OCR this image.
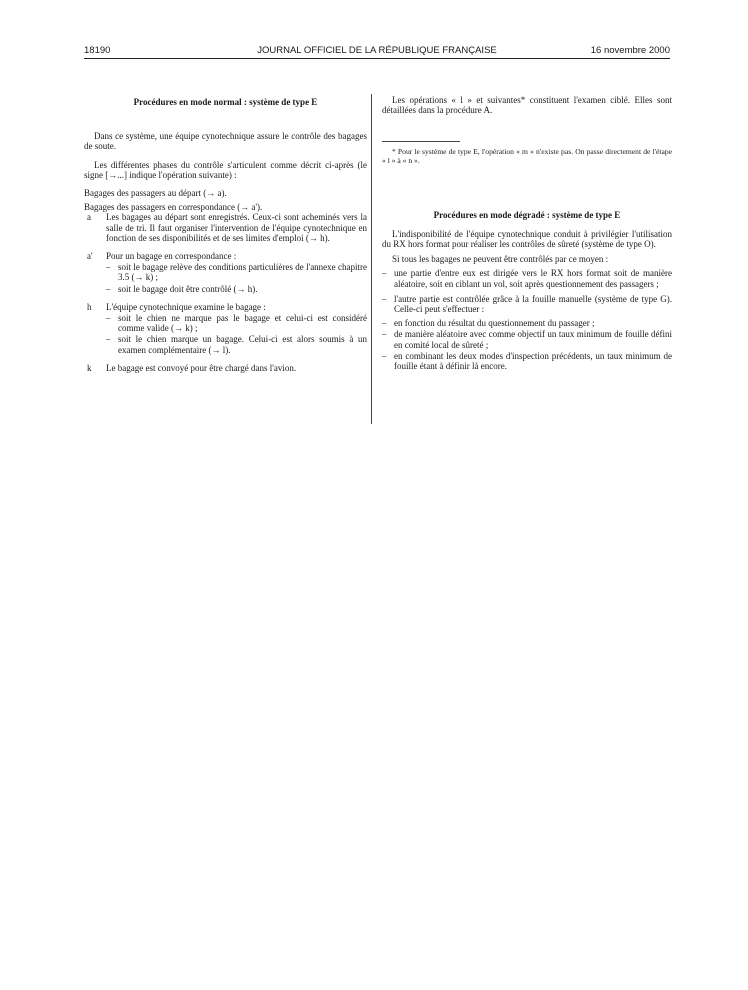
18190	JOURNAL OFFICIEL DE LA RÉPUBLIQUE FRANÇAISE	16 novembre 2000

Procédures en mode normal : système de type E

Dans ce système, une équipe cynotechnique assure le contrôle des bagages de soute.

Les différentes phases du contrôle s'articulent comme décrit ci-après (le signe [→...] indique l'opération suivante) :

Bagages des passagers au départ (→ a).

Bagages des passagers en correspondance (→ a').

a Les bagages au départ sont enregistrés. Ceux-ci sont acheminés vers la salle de tri. Il faut organiser l'intervention de l'équipe cynotechnique en fonction de ses disponibilités et de ses limites d'emploi (→ h).

a' Pour un bagage en correspondance :

– soit le bagage relève des conditions particulières de l'annexe chapitre 3.5 (→ k) ;

– soit le bagage doit être contrôlé (→ h).

h L'équipe cynotechnique examine le bagage :

– soit le chien ne marque pas le bagage et celui-ci est considéré comme valide (→ k) ;

– soit le chien marque un bagage. Celui-ci est alors soumis à un examen complémentaire (→ l).

k Le bagage est convoyé pour être chargé dans l'avion.

Les opérations « l » et suivantes* constituent l'examen ciblé. Elles sont détaillées dans la procédure A.

* Pour le système de type E, l'opération « m » n'existe pas. On passe directement de l'étape « l » à « n ».

Procédures en mode dégradé : système de type E

L'indisponibilité de l'équipe cynotechnique conduit à privilégier l'utilisation du RX hors format pour réaliser les contrôles de sûreté (système de type O).

Si tous les bagages ne peuvent être contrôlés par ce moyen :

– une partie d'entre eux est dirigée vers le RX hors format soit de manière aléatoire, soit en ciblant un vol, soit après questionnement des passagers ;

– l'autre partie est contrôlée grâce à la fouille manuelle (système de type G). Celle-ci peut s'effectuer :

– en fonction du résultat du questionnement du passager ;

– de manière aléatoire avec comme objectif un taux minimum de fouille défini en comité local de sûreté ;

– en combinant les deux modes d'inspection précédents, un taux minimum de fouille étant à définir là encore.
